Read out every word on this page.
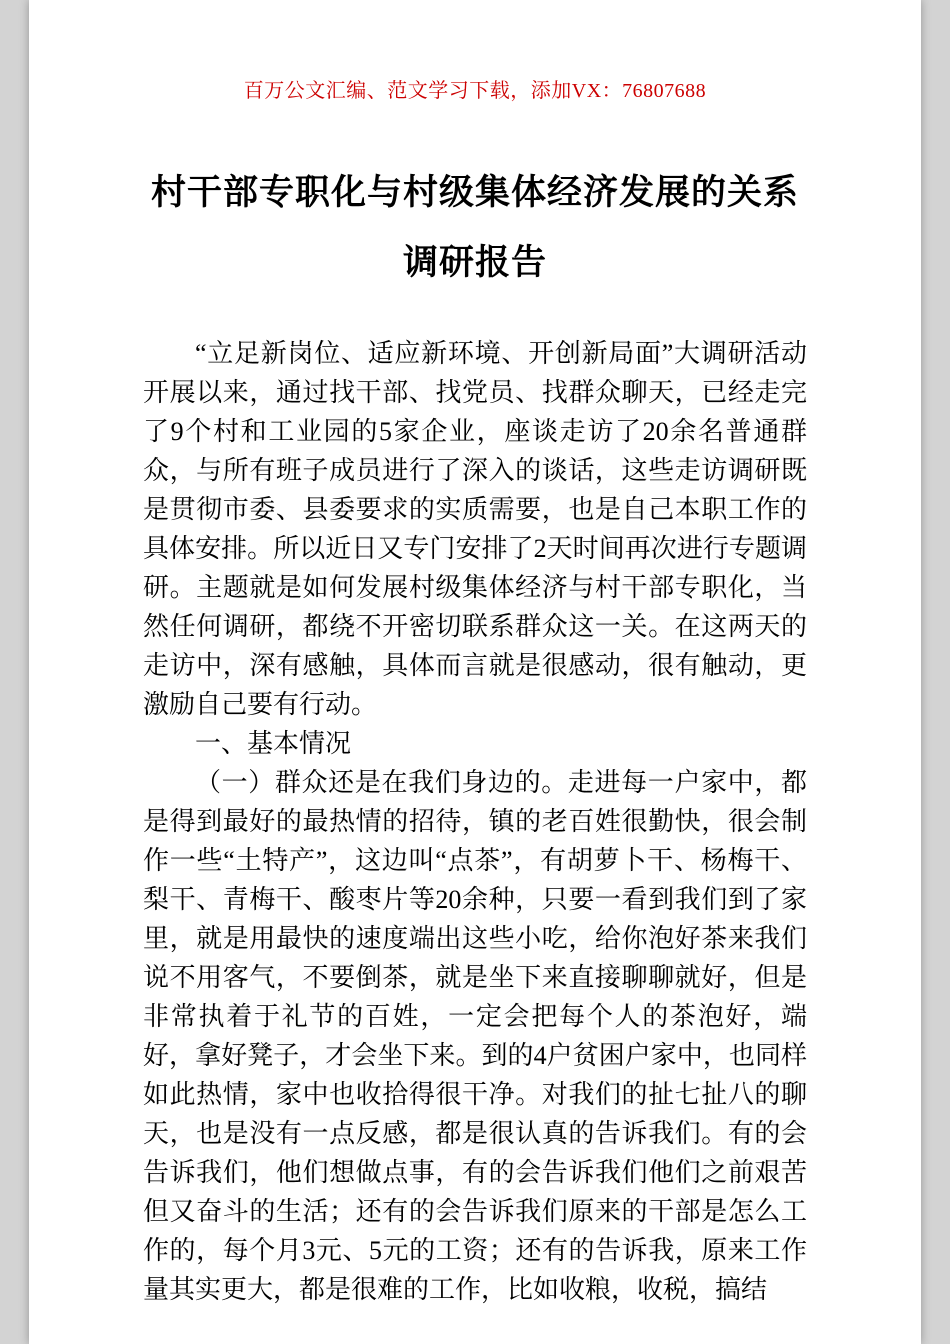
百万公文汇编、范文学习下载，添加VX：76807688
村干部专职化与村级集体经济发展的关系
调研报告

“立足新岗位、适应新环境、开创新局面”大调研活动开展以来，通过找干部、找党员、找群众聊天，已经走完了9个村和工业园的5家企业，座谈走访了20余名普通群众，与所有班子成员进行了深入的谈话，这些走访调研既是贯彻市委、县委要求的实质需要，也是自己本职工作的具体安排。所以近日又专门安排了2天时间再次进行专题调研。主题就是如何发展村级集体经济与村干部专职化，当然任何调研，都绕不开密切联系群众这一关。在这两天的走访中，深有感触，具体而言就是很感动，很有触动，更激励自己要有行动。

一、基本情况

（一）群众还是在我们身边的。走进每一户家中，都是得到最好的最热情的招待，镇的老百姓很勤快，很会制作一些“土特产”，这边叫“点茶”，有胡萝卜干、杨梅干、梨干、青梅干、酸枣片等20余种，只要一看到我们到了家里，就是用最快的速度端出这些小吃，给你泡好茶来我们说不用客气，不要倒茶，就是坐下来直接聊聊就好，但是非常执着于礼节的百姓，一定会把每个人的茶泡好，端好，拿好凳子，才会坐下来。到的4户贫困户家中，也同样如此热情，家中也收拾得很干净。对我们的扯七扯八的聊天，也是没有一点反感，都是很认真的告诉我们。有的会告诉我们，他们想做点事，有的会告诉我们他们之前艰苦但又奋斗的生活；还有的会告诉我们原来的干部是怎么工作的，每个月3元、5元的工资；还有的告诉我，原来工作量其实更大，都是很难的工作，比如收粮，收税，搞结
